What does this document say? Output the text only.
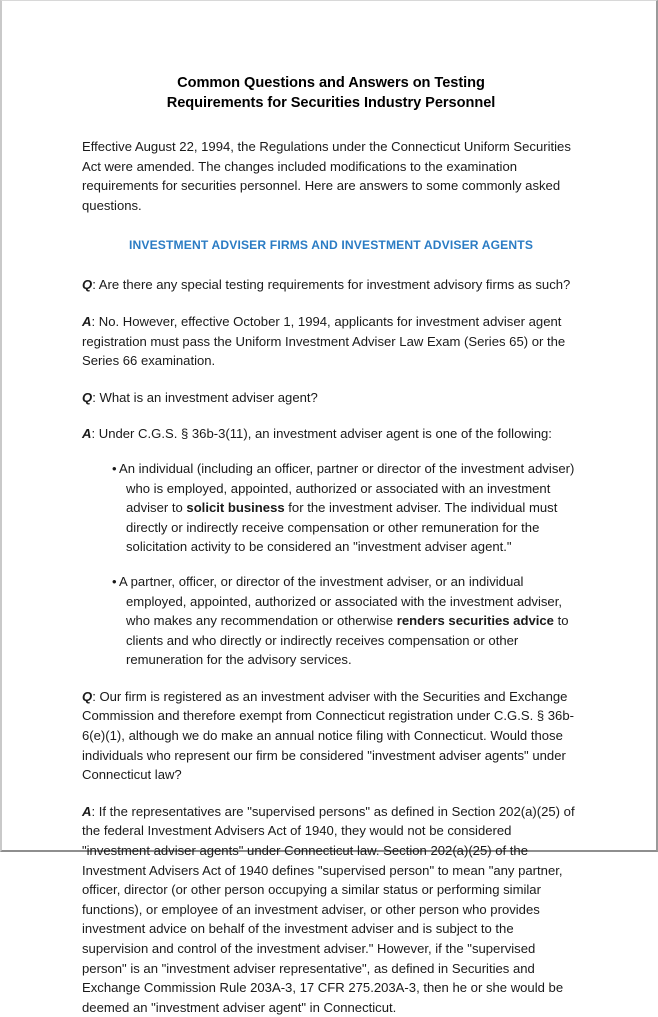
Common Questions and Answers on Testing
Requirements for Securities Industry Personnel

Effective August 22, 1994, the Regulations under the Connecticut Uniform Securities Act were amended. The changes included modifications to the examination requirements for securities personnel. Here are answers to some commonly asked questions.

INVESTMENT ADVISER FIRMS AND INVESTMENT ADVISER AGENTS

Q: Are there any special testing requirements for investment advisory firms as such?

A: No. However, effective October 1, 1994, applicants for investment adviser agent registration must pass the Uniform Investment Adviser Law Exam (Series 65) or the Series 66 examination.

Q: What is an investment adviser agent?

A: Under C.G.S. § 36b-3(11), an investment adviser agent is one of the following:

• An individual (including an officer, partner or director of the investment adviser) who is employed, appointed, authorized or associated with an investment adviser to solicit business for the investment adviser. The individual must directly or indirectly receive compensation or other remuneration for the solicitation activity to be considered an "investment adviser agent."
• A partner, officer, or director of the investment adviser, or an individual employed, appointed, authorized or associated with the investment adviser, who makes any recommendation or otherwise renders securities advice to clients and who directly or indirectly receives compensation or other remuneration for the advisory services.

Q: Our firm is registered as an investment adviser with the Securities and Exchange Commission and therefore exempt from Connecticut registration under C.G.S. § 36b-6(e)(1), although we do make an annual notice filing with Connecticut. Would those individuals who represent our firm be considered "investment adviser agents" under Connecticut law?

A: If the representatives are "supervised persons" as defined in Section 202(a)(25) of the federal Investment Advisers Act of 1940, they would not be considered "investment adviser agents" under Connecticut law. Section 202(a)(25) of the Investment Advisers Act of 1940 defines "supervised person" to mean "any partner, officer, director (or other person occupying a similar status or performing similar functions), or employee of an investment adviser, or other person who provides investment advice on behalf of the investment adviser and is subject to the supervision and control of the investment adviser." However, if the "supervised person" is an "investment adviser representative", as defined in Securities and Exchange Commission Rule 203A-3, 17 CFR 275.203A-3, then he or she would be deemed an "investment adviser agent" in Connecticut.
